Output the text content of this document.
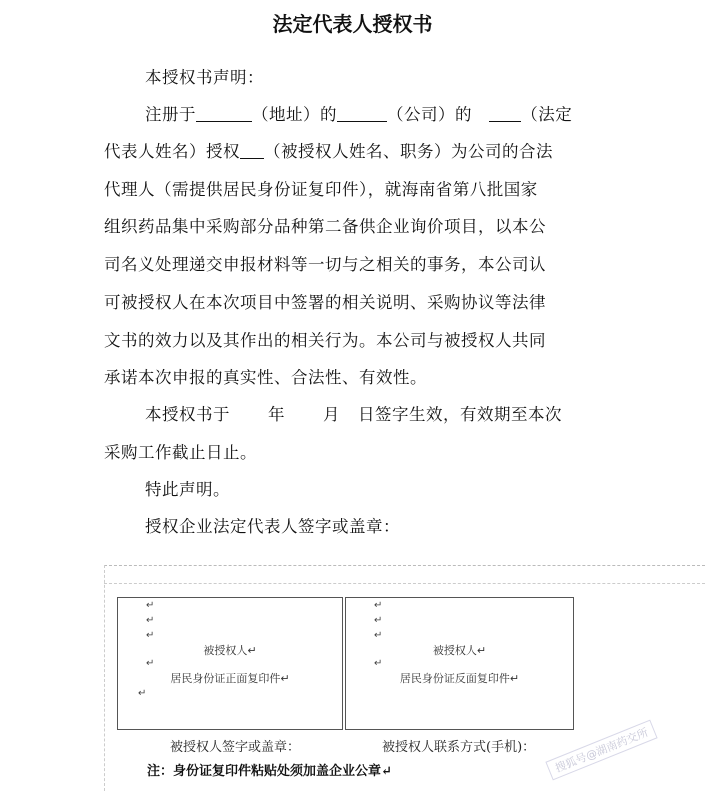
法定代表人授权书
本授权书声明：
注册于	（地址）的	（公司）的	（法定
代表人姓名）授权 （被授权人姓名、职务）为公司的合法
代理人（需提供居民身份证复印件），就海南省第八批国家
组织药品集中采购部分品种第二备供企业询价项目，以本公
司名义处理递交申报材料等一切与之相关的事务，本公司认
可被授权人在本次项目中签署的相关说明、采购协议等法律
文书的效力以及其作出的相关行为。本公司与被授权人共同
承诺本次申报的真实性、合法性、有效性。
本授权书于 年 月 日签字生效，有效期至本次
采购工作截止日止。
特此声明。
授权企业法定代表人签字或盖章：
↵
↵
↵
被授权人↵
↵
居民身份证正面复印件↵
↵
↵
↵
↵
被授权人↵
↵
居民身份证反面复印件↵
被授权人签字或盖章：	被授权人联系方式(手机)：
注：身份证复印件粘贴处须加盖企业公章↵	搜狐号@湖南药交所
